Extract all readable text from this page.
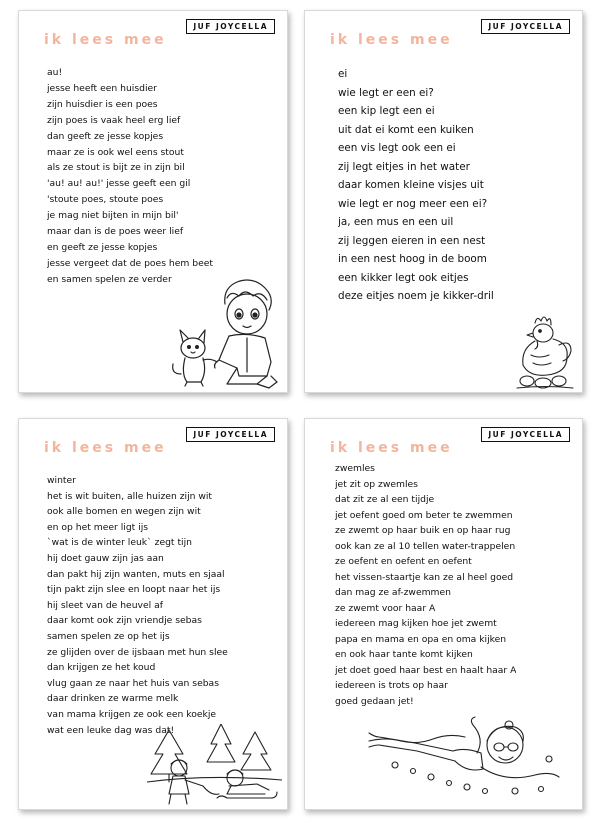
JUF JOYCELLA
ik lees mee
au!
jesse heeft een huisdier
zijn huisdier is een poes
zijn poes is vaak heel erg lief
dan geeft ze jesse kopjes
maar ze is ook wel eens stout
als ze stout is bijt ze in zijn bil
'au! au! au!' jesse geeft een gil
'stoute poes, stoute poes
je mag niet bijten in mijn bil'
maar dan is de poes weer lief
en geeft ze jesse kopjes
jesse vergeet dat de poes hem beet
en samen spelen ze verder
JUF JOYCELLA
ik lees mee
ei
wie legt er een ei?
een kip legt een ei
uit dat ei komt een kuiken
een vis legt ook een ei
zij legt eitjes in het water
daar komen kleine visjes uit
wie legt er nog meer een ei?
ja, een mus en een uil
zij leggen eieren in een nest
in een nest hoog in de boom
een kikker legt ook eitjes
deze eitjes noem je kikker-dril
JUF JOYCELLA
ik lees mee
winter
het is wit buiten, alle huizen zijn wit
ook alle bomen en wegen zijn wit
en op het meer ligt ijs
`wat is de winter leuk` zegt tijn
hij doet gauw zijn jas aan
dan pakt hij zijn wanten, muts en sjaal
tijn pakt zijn slee en loopt naar het ijs
hij sleet van de heuvel af
daar komt ook zijn vriendje sebas
samen spelen ze op het ijs
ze glijden over de ijsbaan met hun slee
dan krijgen ze het koud
vlug gaan ze naar het huis van sebas
daar drinken ze warme melk
van mama krijgen ze ook een koekje
wat een leuke dag was dat!
JUF JOYCELLA
ik lees mee
zwemles
jet zit op zwemles
dat zit ze al een tijdje
jet oefent goed om beter te zwemmen
ze zwemt op haar buik en op haar rug
ook kan ze al 10 tellen water-trappelen
ze oefent en oefent en oefent
het vissen-staartje kan ze al heel goed
dan mag ze af-zwemmen
ze zwemt voor haar A
iedereen mag kijken hoe jet zwemt
papa en mama en opa en oma kijken
en ook haar tante komt kijken
jet doet goed haar best en haalt haar A
iedereen is trots op haar
goed gedaan jet!
